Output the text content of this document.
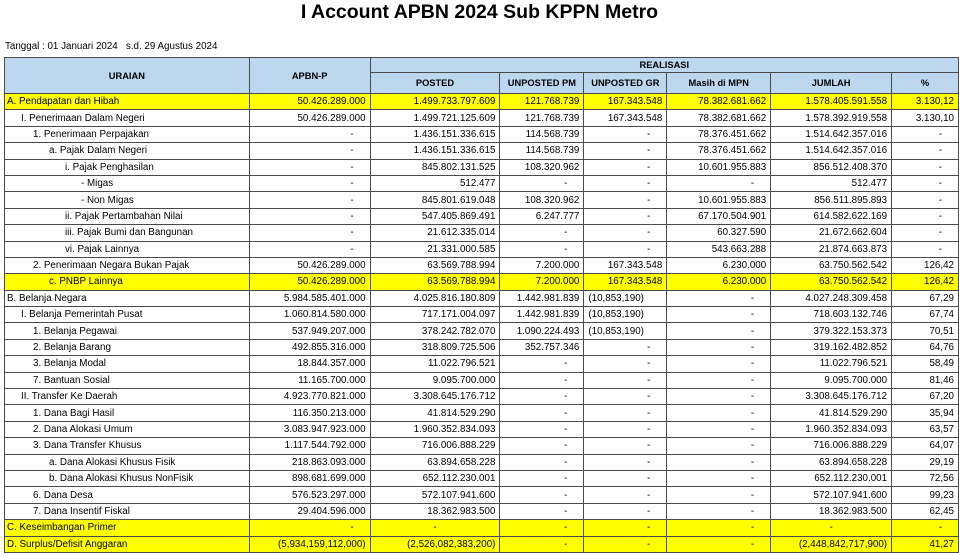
I Account APBN 2024 Sub KPPN Metro
Tanggal : 01 Januari 2024   s.d. 29 Agustus 2024
URAIAN	APBN-P	REALISASI					
		POSTED	UNPOSTED PM	UNPOSTED GR	Masih di MPN	JUMLAH	%
A. Pendapatan dan Hibah	50.426.289.000	1.499.733.797.609	121.768.739	167.343.548	78.382.681.662	1.578.405.591.558	3.130,12
I. Penerimaan Dalam Negeri	50.426.289.000	1.499.721.125.609	121.768.739	167.343.548	78.382.681.662	1.578.392.919.558	3.130,10
1. Penerimaan Perpajakan	-	1.436.151.336.615	114.568.739	-	78.376.451.662	1.514.642.357.016	-
a. Pajak Dalam Negeri	-	1.436.151.336.615	114.568.739	-	78.376.451.662	1.514.642.357.016	-
i. Pajak Penghasilan	-	845.802.131.525	108.320.962	-	10.601.955.883	856.512.408.370	-
- Migas	-	512.477	-	-	-	512.477	-
- Non Migas	-	845.801.619.048	108.320.962	-	10.601.955.883	856.511.895.893	-
ii. Pajak Pertambahan Nilai	-	547.405.869.491	6.247.777	-	67.170.504.901	614.582.622.169	-
iii. Pajak Bumi dan Bangunan	-	21.612.335.014	-	-	60.327.590	21.672.662.604	-
vi. Pajak Lainnya	-	21.331.000.585	-	-	543.663.288	21.874.663.873	-
2. Penerimaan Negara Bukan Pajak	50.426.289.000	63.569.788.994	7.200.000	167.343.548	6.230.000	63.750.562.542	126,42
c. PNBP Lainnya	50.426.289.000	63.569.788.994	7.200.000	167.343.548	6.230.000	63.750.562.542	126,42
B. Belanja Negara	5.984.585.401.000	4.025.816.180.809	1.442.981.839	(10,853,190)	-	4.027.248.309.458	67,29
I. Belanja Pemerintah Pusat	1.060.814.580.000	717.171.004.097	1.442.981.839	(10,853,190)	-	718.603.132.746	67,74
1. Belanja Pegawai	537.949.207.000	378.242.782.070	1.090.224.493	(10,853,190)	-	379.322.153.373	70,51
2. Belanja Barang	492.855.316.000	318.809.725.506	352.757.346	-	-	319.162.482.852	64,76
3. Belanja Modal	18.844.357.000	11.022.796.521	-	-	-	11.022.796.521	58,49
7. Bantuan Sosial	11.165.700.000	9.095.700.000	-	-	-	9.095.700.000	81,46
II. Transfer Ke Daerah	4.923.770.821.000	3.308.645.176.712	-	-	-	3.308.645.176.712	67,20
1. Dana Bagi Hasil	116.350.213.000	41.814.529.290	-	-	-	41.814.529.290	35,94
2. Dana Alokasi Umum	3.083.947.923.000	1.960.352.834.093	-	-	-	1.960.352.834.093	63,57
3. Dana Transfer Khusus	1.117.544.792.000	716.006.888.229	-	-	-	716.006.888.229	64,07
a. Dana Alokasi Khusus Fisik	218.863.093.000	63.894.658.228	-	-	-	63.894.658.228	29,19
b. Dana Alokasi Khusus NonFisik	898.681.699.000	652.112.230.001	-	-	-	652.112.230.001	72,56
6. Dana Desa	576.523.297.000	572.107.941.600	-	-	-	572.107.941.600	99,23
7. Dana Insentif Fiskal	29.404.596.000	18.362.983.500	-	-	-	18.362.983.500	62,45
C. Keseimbangan Primer	-	-	-	-	-	-	-
D. Surplus/Defisit Anggaran	(5,934,159,112,000)	(2,526,082,383,200)	-	-	-	(2,448,842,717,900)	41,27
